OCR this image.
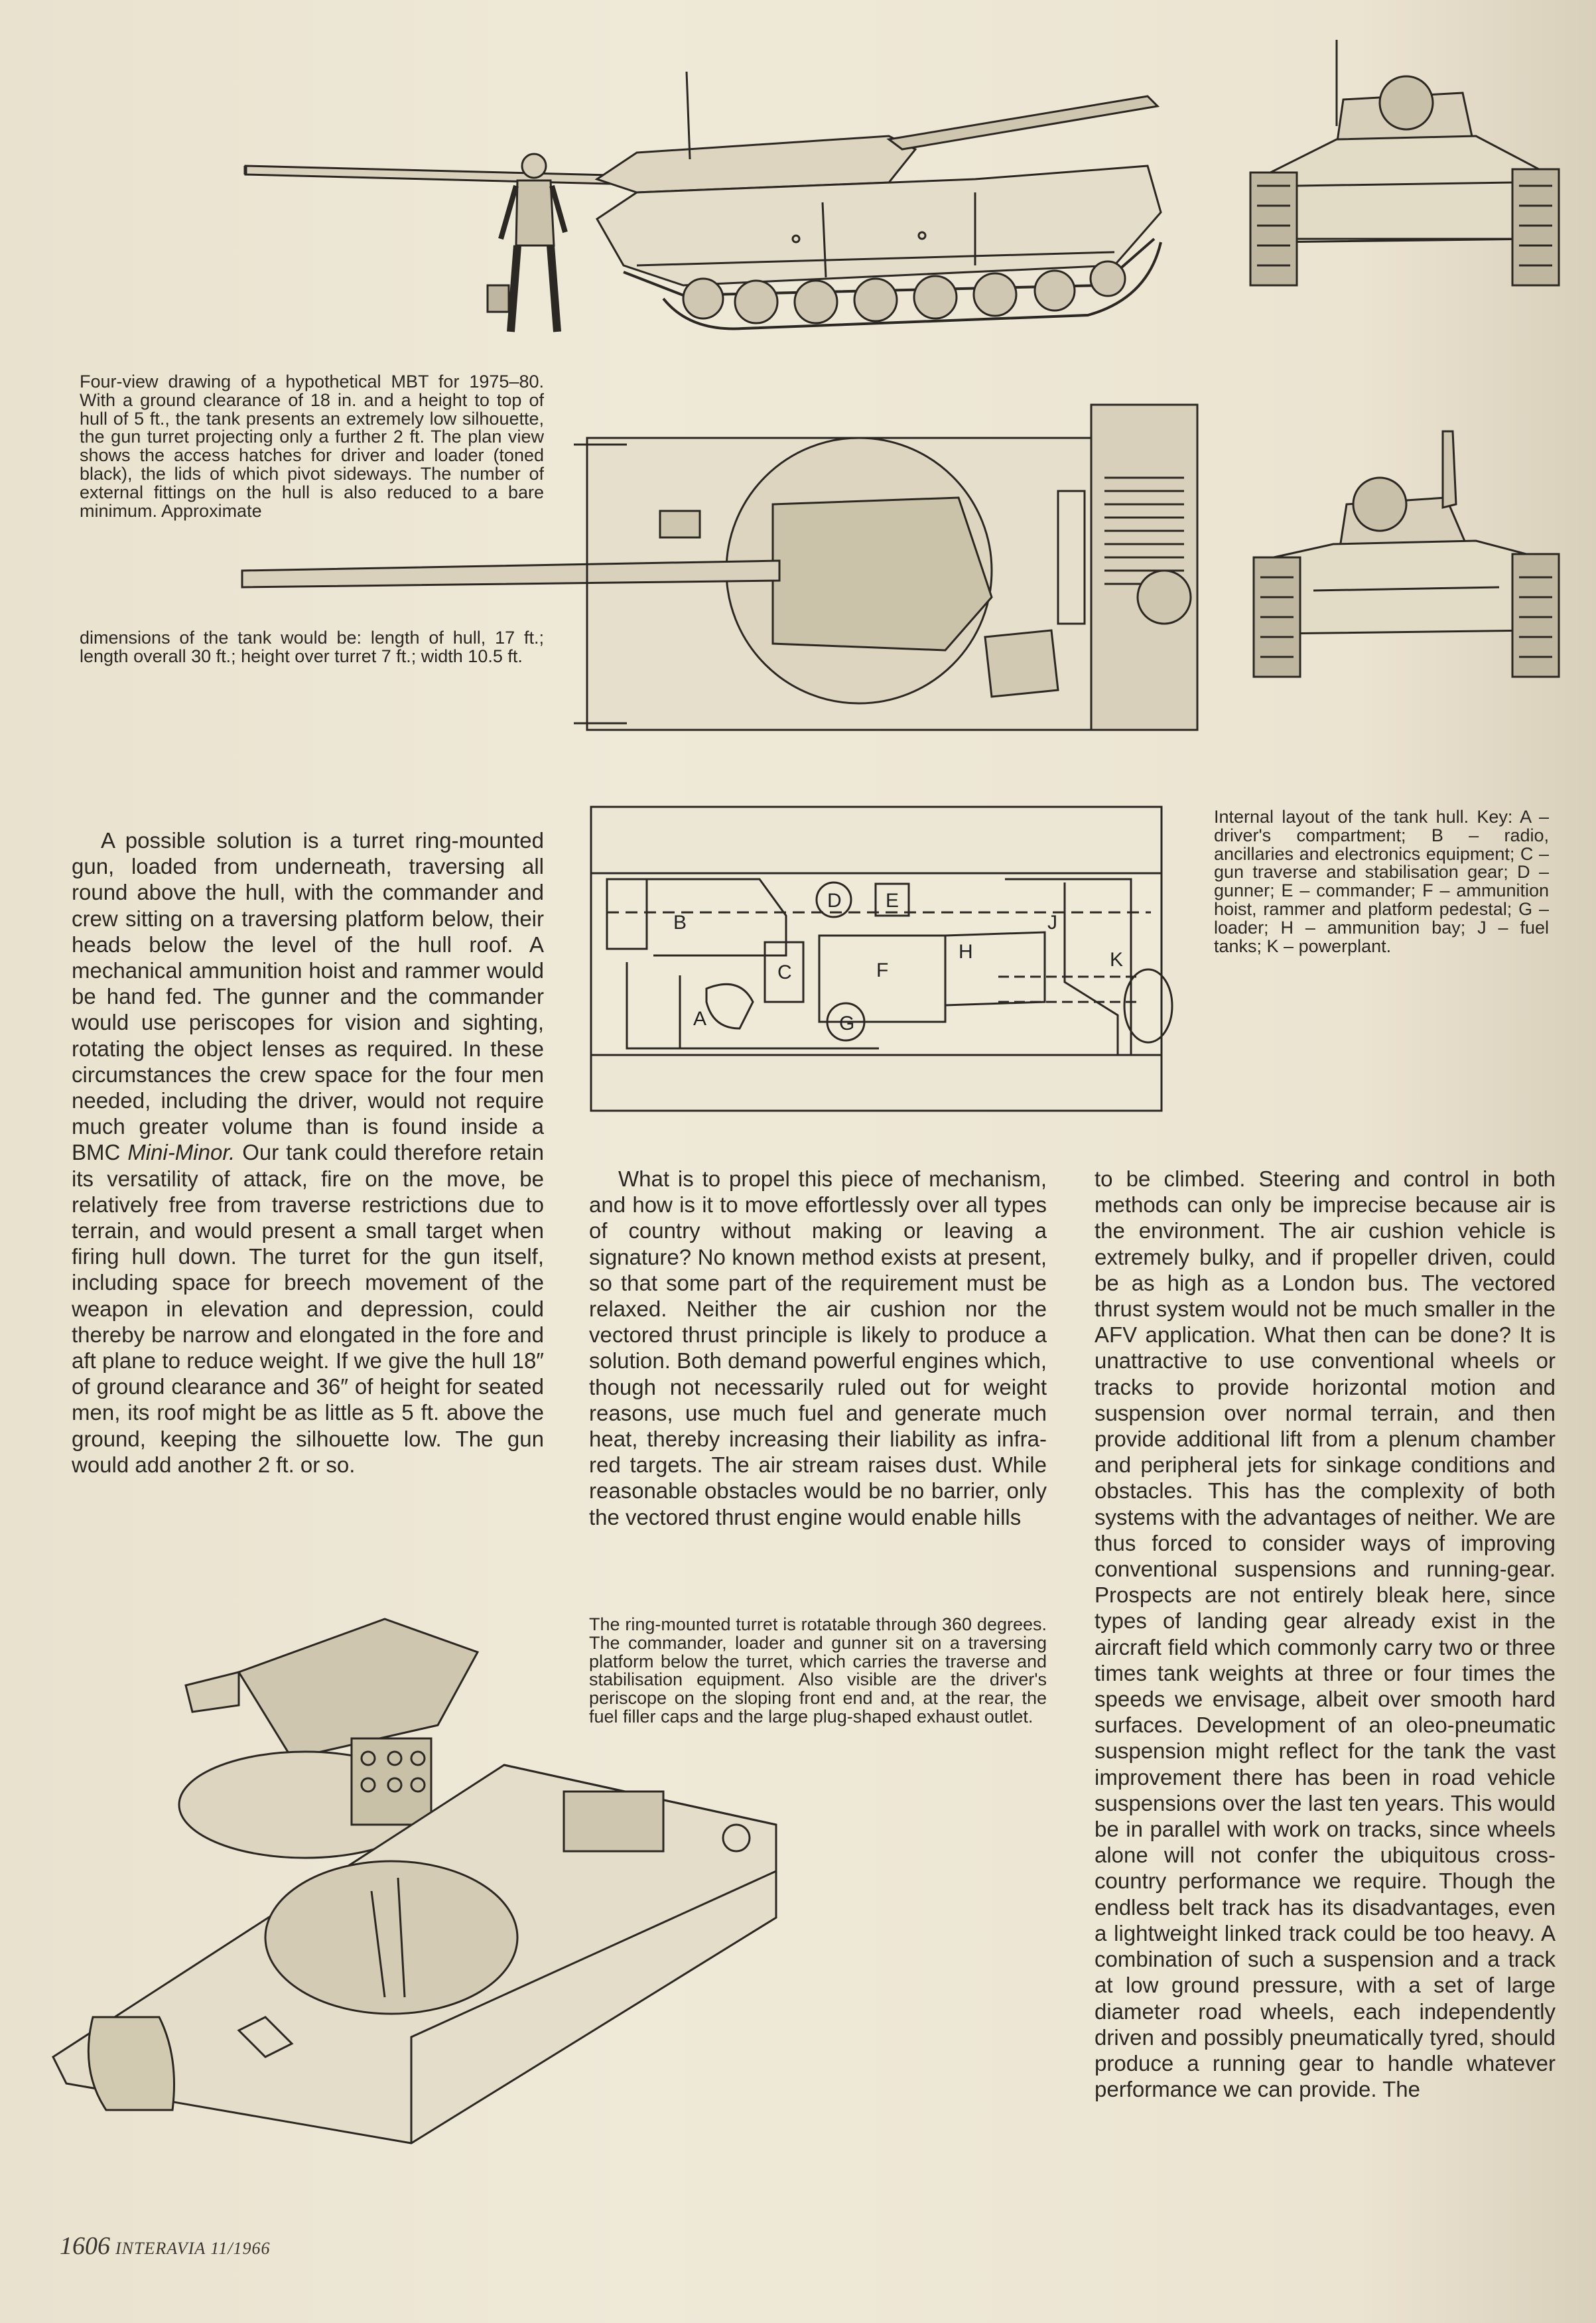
Four-view drawing of a hypothetical MBT for 1975–80. With a ground clearance of 18 in. and a height to top of hull of 5 ft., the tank presents an extremely low silhouette, the gun turret projecting only a further 2 ft. The plan view shows the access hatches for driver and loader (toned black), the lids of which pivot sideways. The number of external fittings on the hull is also reduced to a bare minimum. Approximate

dimensions of the tank would be: length of hull, 17 ft.; length overall 30 ft.; height over turret 7 ft.; width 10.5 ft.

B
A
C
D E
F
G
H
J
K

Internal layout of the tank hull. Key: A – driver's compartment; B – radio, ancillaries and electronics equipment; C – gun traverse and stabilisation gear; D – gunner; E – commander; F – ammunition hoist, rammer and platform pedestal; G – loader; H – ammunition bay; J – fuel tanks; K – powerplant.

A possible solution is a turret ring-mounted gun, loaded from underneath, traversing all round above the hull, with the commander and crew sitting on a traversing platform below, their heads below the level of the hull roof. A mechanical ammunition hoist and rammer would be hand fed. The gunner and the commander would use periscopes for vision and sighting, rotating the object lenses as required. In these circumstances the crew space for the four men needed, including the driver, would not require much greater volume than is found inside a BMC Mini-Minor. Our tank could therefore retain its versatility of attack, fire on the move, be relatively free from traverse restrictions due to terrain, and would present a small target when firing hull down. The turret for the gun itself, including space for breech movement of the weapon in elevation and depression, could thereby be narrow and elongated in the fore and aft plane to reduce weight. If we give the hull 18″ of ground clearance and 36″ of height for seated men, its roof might be as little as 5 ft. above the ground, keeping the silhouette low. The gun would add another 2 ft. or so.

What is to propel this piece of mechanism, and how is it to move effortlessly over all types of country without making or leaving a signature? No known method exists at present, so that some part of the requirement must be relaxed. Neither the air cushion nor the vectored thrust principle is likely to produce a solution. Both demand powerful engines which, though not necessarily ruled out for weight reasons, use much fuel and generate much heat, thereby increasing their liability as infra-red targets. The air stream raises dust. While reasonable obstacles would be no barrier, only the vectored thrust engine would enable hills

to be climbed. Steering and control in both methods can only be imprecise because air is the environment. The air cushion vehicle is extremely bulky, and if propeller driven, could be as high as a London bus. The vectored thrust system would not be much smaller in the AFV application. What then can be done? It is unattractive to use conventional wheels or tracks to provide horizontal motion and suspension over normal terrain, and then provide additional lift from a plenum chamber and peripheral jets for sinkage conditions and obstacles. This has the complexity of both systems with the advantages of neither. We are thus forced to consider ways of improving conventional suspensions and running-gear. Prospects are not entirely bleak here, since types of landing gear already exist in the aircraft field which commonly carry two or three times tank weights at three or four times the speeds we envisage, albeit over smooth hard surfaces. Development of an oleo-pneumatic suspension might reflect for the tank the vast improvement there has been in road vehicle suspensions over the last ten years. This would be in parallel with work on tracks, since wheels alone will not confer the ubiquitous cross-country performance we require. Though the endless belt track has its disadvantages, even a lightweight linked track could be too heavy. A combination of such a suspension and a track at low ground pressure, with a set of large diameter road wheels, each independently driven and possibly pneumatically tyred, should produce a running gear to handle whatever performance we can provide. The

The ring-mounted turret is rotatable through 360 degrees. The commander, loader and gunner sit on a traversing platform below the turret, which carries the traverse and stabilisation equipment. Also visible are the driver's periscope on the sloping front end and, at the rear, the fuel filler caps and the large plug-shaped exhaust outlet.

1606 INTERAVIA 11/1966
